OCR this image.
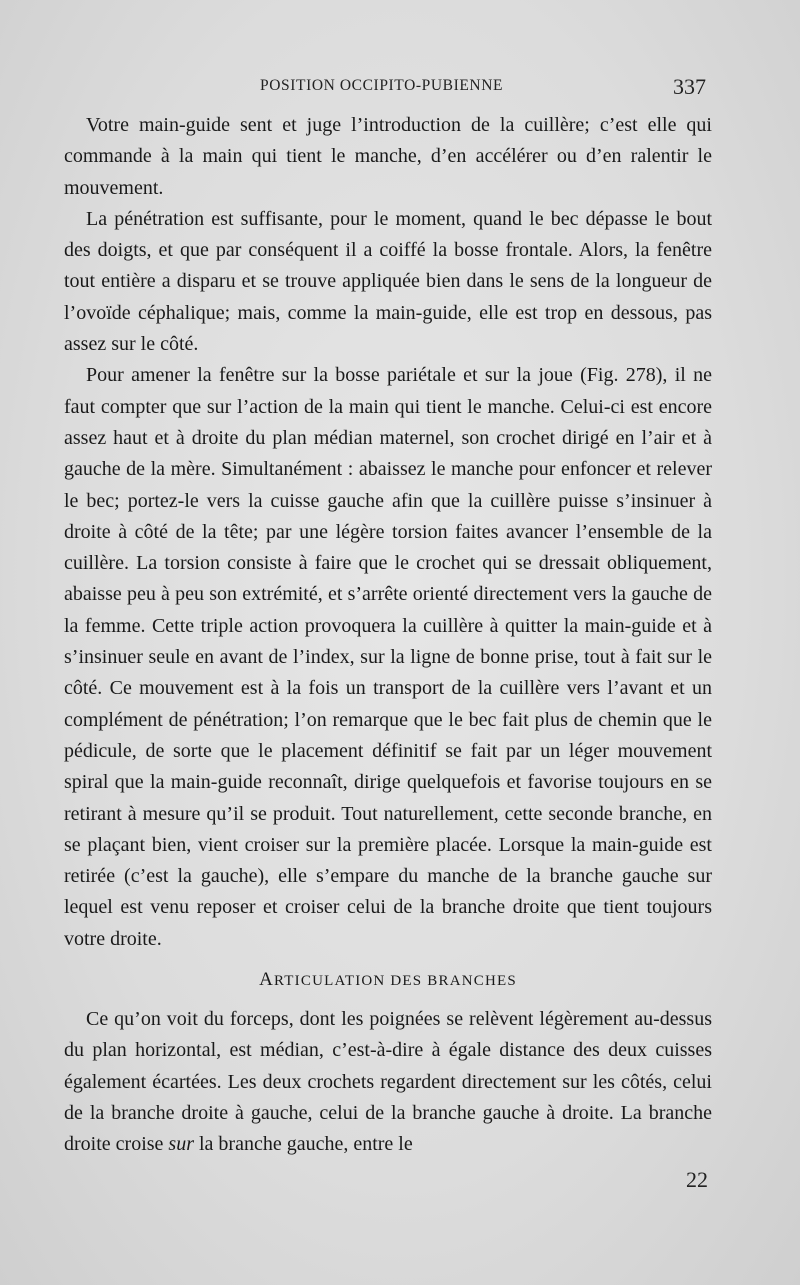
POSITION OCCIPITO-PUBIENNE	337

Votre main-guide sent et juge l’introduction de la cuillère; c’est elle qui commande à la main qui tient le manche, d’en accélérer ou d’en ralentir le mouvement.

La pénétration est suffisante, pour le moment, quand le bec dépasse le bout des doigts, et que par conséquent il a coiffé la bosse frontale. Alors, la fenêtre tout entière a disparu et se trouve appliquée bien dans le sens de la longueur de l’ovoïde céphalique; mais, comme la main-guide, elle est trop en dessous, pas assez sur le côté.

Pour amener la fenêtre sur la bosse pariétale et sur la joue (Fig. 278), il ne faut compter que sur l’action de la main qui tient le manche. Celui-ci est encore assez haut et à droite du plan médian maternel, son crochet dirigé en l’air et à gauche de la mère. Simultanément : abaissez le manche pour enfoncer et relever le bec; portez-le vers la cuisse gauche afin que la cuillère puisse s’insinuer à droite à côté de la tête; par une légère torsion faites avancer l’ensemble de la cuillère. La torsion consiste à faire que le crochet qui se dressait obliquement, abaisse peu à peu son extrémité, et s’arrête orienté directement vers la gauche de la femme. Cette triple action provoquera la cuillère à quitter la main-guide et à s’insinuer seule en avant de l’index, sur la ligne de bonne prise, tout à fait sur le côté. Ce mouvement est à la fois un transport de la cuillère vers l’avant et un complément de pénétration; l’on remarque que le bec fait plus de chemin que le pédicule, de sorte que le placement définitif se fait par un léger mouvement spiral que la main-guide reconnaît, dirige quelquefois et favorise toujours en se retirant à mesure qu’il se produit. Tout naturellement, cette seconde branche, en se plaçant bien, vient croiser sur la première placée. Lorsque la main-guide est retirée (c’est la gauche), elle s’empare du manche de la branche gauche sur lequel est venu reposer et croiser celui de la branche droite que tient toujours votre droite.

ARTICULATION DES BRANCHES

Ce qu’on voit du forceps, dont les poignées se relèvent légèrement au-dessus du plan horizontal, est médian, c’est-à-dire à égale distance des deux cuisses également écartées. Les deux crochets regardent directement sur les côtés, celui de la branche droite à gauche, celui de la branche gauche à droite. La branche droite croise sur la branche gauche, entre le

22
